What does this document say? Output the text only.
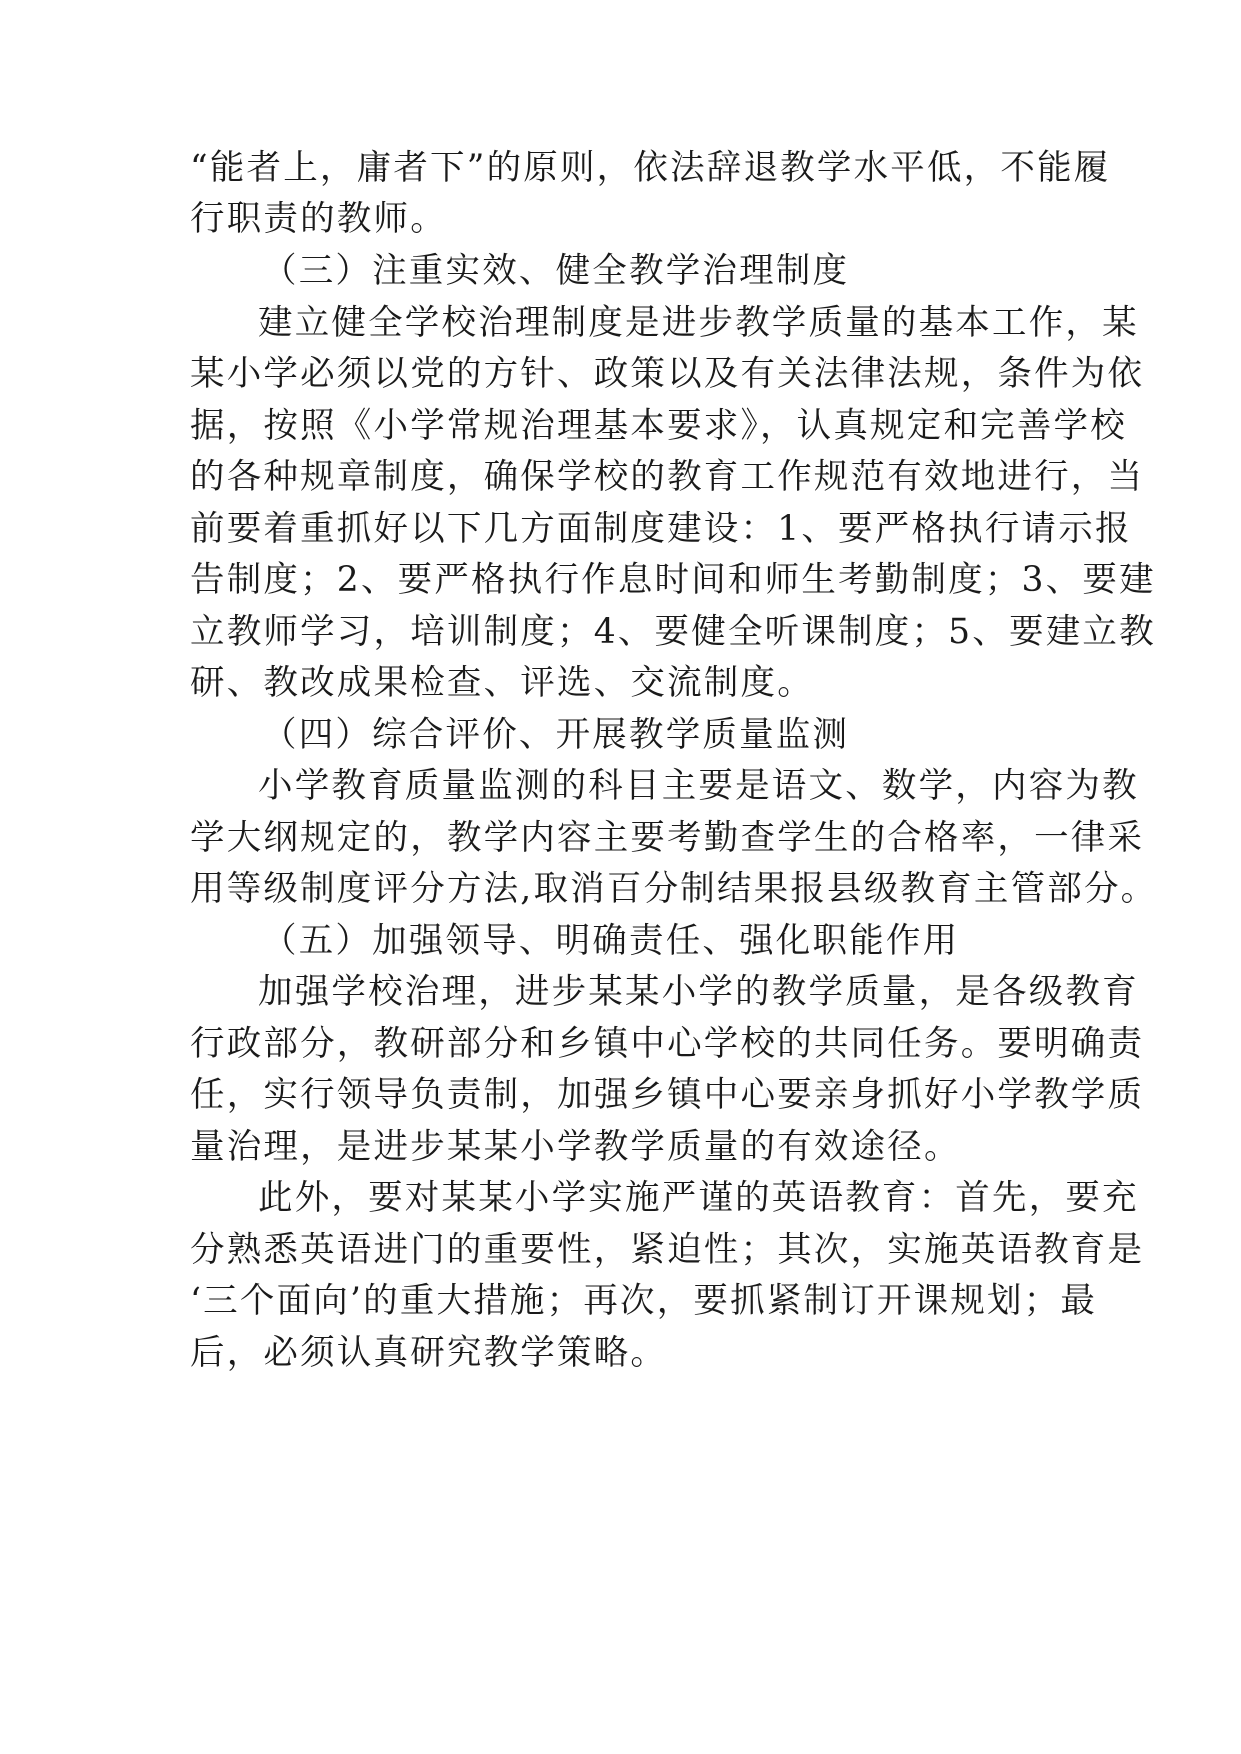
“能者上，庸者下”的原则，依法辞退教学水平低，不能履
行职责的教师。
（三）注重实效、健全教学治理制度
建立健全学校治理制度是进步教学质量的基本工作，某
某小学必须以党的方针、政策以及有关法律法规，条件为依
据，按照《小学常规治理基本要求》，认真规定和完善学校
的各种规章制度，确保学校的教育工作规范有效地进行，当
前要着重抓好以下几方面制度建设：1、要严格执行请示报
告制度；2、要严格执行作息时间和师生考勤制度；3、要建
立教师学习，培训制度；4、要健全听课制度；5、要建立教
研、教改成果检查、评选、交流制度。
（四）综合评价、开展教学质量监测
小学教育质量监测的科目主要是语文、数学，内容为教
学大纲规定的，教学内容主要考勤查学生的合格率，一律采
用等级制度评分方法,取消百分制结果报县级教育主管部分。
（五）加强领导、明确责任、强化职能作用
加强学校治理，进步某某小学的教学质量，是各级教育
行政部分，教研部分和乡镇中心学校的共同任务。要明确责
任，实行领导负责制，加强乡镇中心要亲身抓好小学教学质
量治理，是进步某某小学教学质量的有效途径。
此外，要对某某小学实施严谨的英语教育：首先，要充
分熟悉英语进门的重要性，紧迫性；其次，实施英语教育是
‘三个面向’的重大措施；再次，要抓紧制订开课规划；最
后，必须认真研究教学策略。
